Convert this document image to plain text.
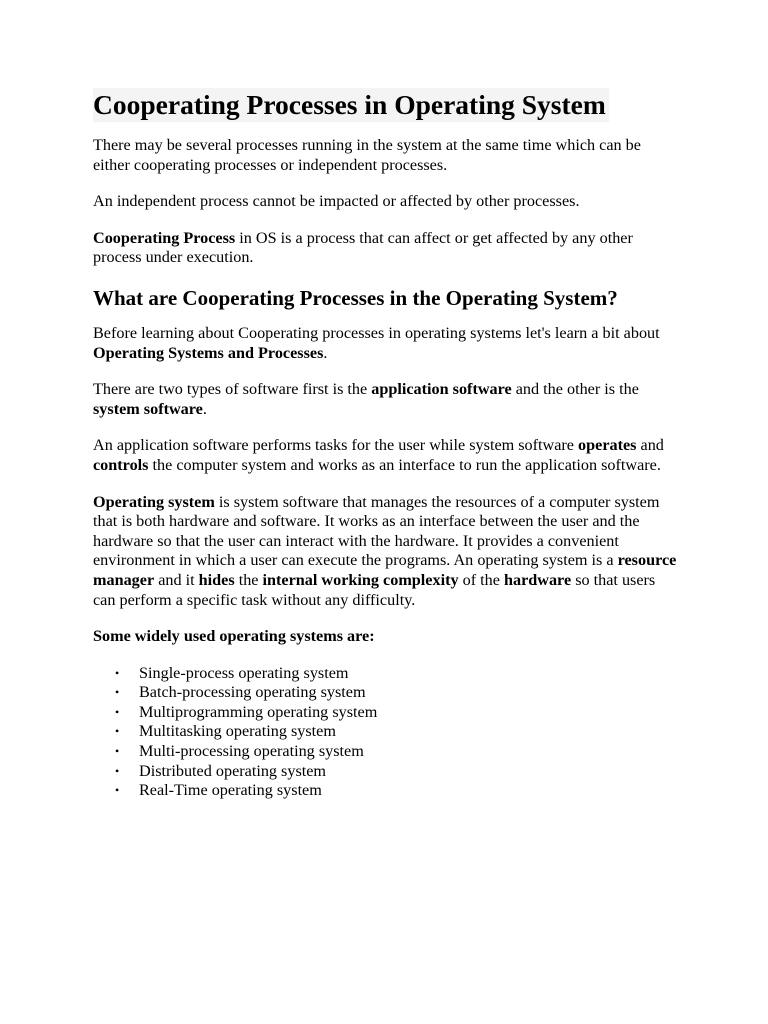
Cooperating Processes in Operating System

There may be several processes running in the system at the same time which can be either cooperating processes or independent processes.

An independent process cannot be impacted or affected by other processes.

Cooperating Process in OS is a process that can affect or get affected by any other process under execution.

What are Cooperating Processes in the Operating System?

Before learning about Cooperating processes in operating systems let's learn a bit about Operating Systems and Processes.

There are two types of software first is the application software and the other is the system software.

An application software performs tasks for the user while system software operates and controls the computer system and works as an interface to run the application software.

Operating system is system software that manages the resources of a computer system that is both hardware and software. It works as an interface between the user and the hardware so that the user can interact with the hardware. It provides a convenient environment in which a user can execute the programs. An operating system is a resource manager and it hides the internal working complexity of the hardware so that users can perform a specific task without any difficulty.

Some widely used operating systems are:

• Single-process operating system
• Batch-processing operating system
• Multiprogramming operating system
• Multitasking operating system
• Multi-processing operating system
• Distributed operating system
• Real-Time operating system
